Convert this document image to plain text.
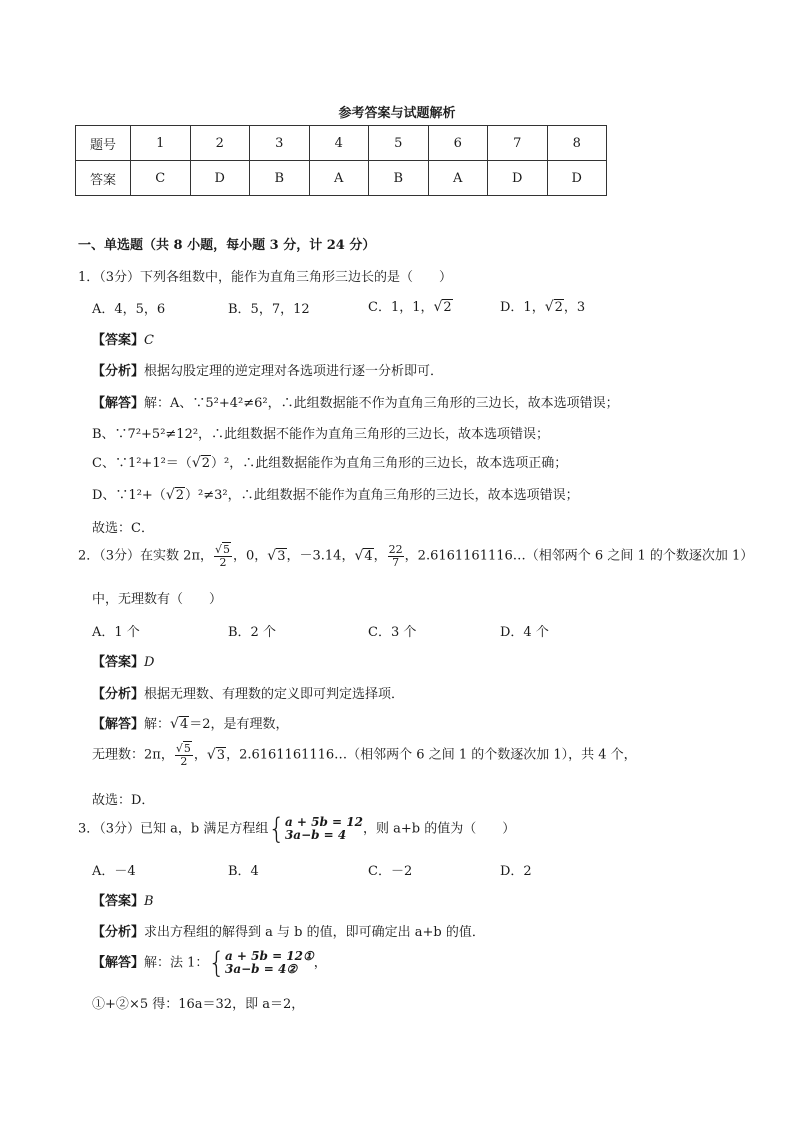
参考答案与试题解析
题号	1	2	3	4	5	6	7	8
答案	C	D	B	A	B	A	D	D
一、单选题（共 8 小题，每小题 3 分，计 24 分）
1．（3分）下列各组数中，能作为直角三角形三边长的是（　　）
A．4，5，6	B．5，7，12	C．1，1，√2	D．1，√2，3
【答案】C
【分析】根据勾股定理的逆定理对各选项进行逐一分析即可．
【解答】解：A、∵5²+4²≠6²，∴此组数据能不作为直角三角形的三边长，故本选项错误；
B、∵7²+5²≠12²，∴此组数据不能作为直角三角形的三边长，故本选项错误；
C、∵1²+1²＝（√2）²，∴此组数据能作为直角三角形的三边长，故本选项正确；
D、∵1²+（√2）²≠3²，∴此组数据不能作为直角三角形的三边长，故本选项错误；
故选：C．
2．（3分）在实数 2π， $\frac{√5}{2}$ ，0，√3，－3.14，√4， $\frac{22}{7}$ ，2.6161161116…（相邻两个 6 之间 1 的个数逐次加 1）
中，无理数有（　　）
A．1 个	B．2 个	C．3 个	D．4 个
【答案】D
【分析】根据无理数、有理数的定义即可判定选择项．
【解答】解：√4＝2，是有理数，
无理数：2π， $\frac{√5}{2}$ ，√3，2.6161161116…（相邻两个 6 之间 1 的个数逐次加 1），共 4 个，
故选：D．
3．（3分）已知 a，b 满足方程组{ a + 5b = 12
3a−b = 4	，则 a+b 的值为（　　）
A．－4	B．4	C．－2	D．2
【答案】B
【分析】求出方程组的解得到 a 与 b 的值，即可确定出 a+b 的值．
【解答】解：法 1：{ a + 5b = 12①
3a−b = 4②	，
①+②×5 得：16a＝32，即 a＝2，
